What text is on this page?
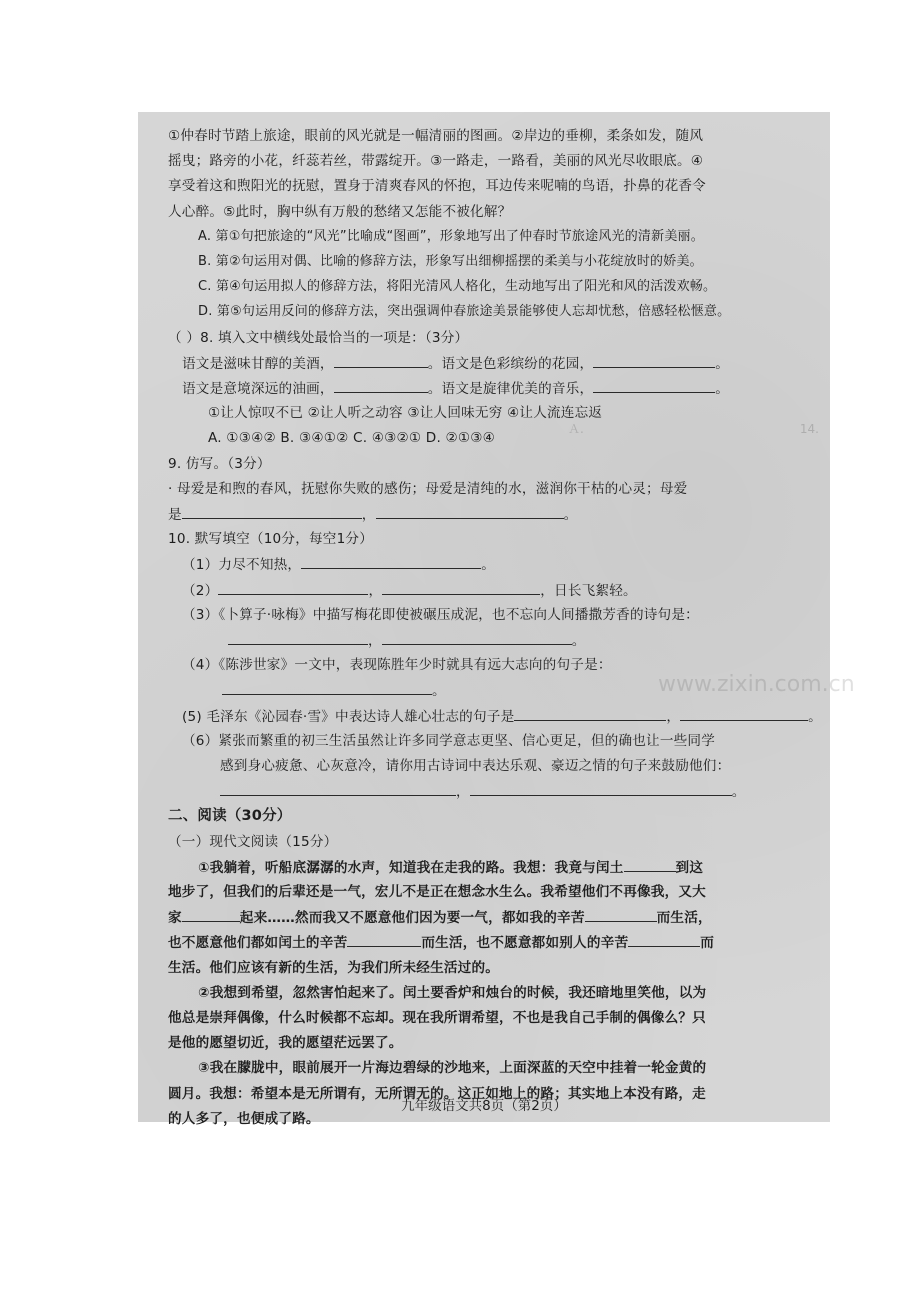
Ａ.　　　　　　　　　　　　　　　　　　14.
www.zixin.com.cn
①仲春时节踏上旅途，眼前的风光就是一幅清丽的图画。②岸边的垂柳，柔条如发，随风
摇曳；路旁的小花，纤蕊若丝，带露绽开。③一路走，一路看，美丽的风光尽收眼底。④
享受着这和煦阳光的抚慰，置身于清爽春风的怀抱，耳边传来呢喃的鸟语，扑鼻的花香令
人心醉。⑤此时，胸中纵有万般的愁绪又怎能不被化解？
A. 第①句把旅途的“风光”比喻成“图画”，形象地写出了仲春时节旅途风光的清新美丽。
B. 第②句运用对偶、比喻的修辞方法，形象写出细柳摇摆的柔美与小花绽放时的娇美。
C. 第④句运用拟人的修辞方法，将阳光清风人格化，生动地写出了阳光和风的活泼欢畅。
D. 第⑤句运用反问的修辞方法，突出强调仲春旅途美景能够使人忘却忧愁，倍感轻松惬意。
（ ）8. 填入文中横线处最恰当的一项是：（3分）
语文是滋味甘醇的美酒，	。语文是色彩缤纷的花园，	。
语文是意境深远的油画，	。语文是旋律优美的音乐，	。
①让人惊叹不已 ②让人听之动容 ③让人回味无穷 ④让人流连忘返
A. ①③④② B. ③④①② C. ④③②① D. ②①③④
9. 仿写。（3分）
· 母爱是和煦的春风，抚慰你失败的感伤；母爱是清纯的水，滋润你干枯的心灵；母爱
是	，	。
10. 默写填空（10分，每空1分）
（1）力尽不知热，	。
（2）	，	，日长飞絮轻。
（3）《卜算子·咏梅》中描写梅花即使被碾压成泥，也不忘向人间播撒芳香的诗句是：
，	。
（4）《陈涉世家》一文中，表现陈胜年少时就具有远大志向的句子是：
。
(5) 毛泽东《沁园春·雪》中表达诗人雄心壮志的句子是	，	。
（6）紧张而繁重的初三生活虽然让许多同学意志更坚、信心更足，但的确也让一些同学
感到身心疲惫、心灰意冷，请你用古诗词中表达乐观、豪迈之情的句子来鼓励他们：
，	。
二、阅读（30分）
（一）现代文阅读（15分）
①我躺着，听船底潺潺的水声，知道我在走我的路。我想：我竟与闰土	到这
地步了，但我们的后辈还是一气，宏儿不是正在想念水生么。我希望他们不再像我，又大
家	起来……然而我又不愿意他们因为要一气，都如我的辛苦	而生活，
也不愿意他们都如闰土的辛苦	而生活，也不愿意都如别人的辛苦	而
生活。他们应该有新的生活，为我们所未经生活过的。
②我想到希望，忽然害怕起来了。闰土要香炉和烛台的时候，我还暗地里笑他，以为
他总是崇拜偶像，什么时候都不忘却。现在我所谓希望，不也是我自己手制的偶像么？只
是他的愿望切近，我的愿望茫远罢了。
九年级语文共8页（第2页）
③我在朦胧中，眼前展开一片海边碧绿的沙地来，上面深蓝的天空中挂着一轮金黄的
圆月。我想：希望本是无所谓有，无所谓无的。这正如地上的路；其实地上本没有路，走
的人多了，也便成了路。
